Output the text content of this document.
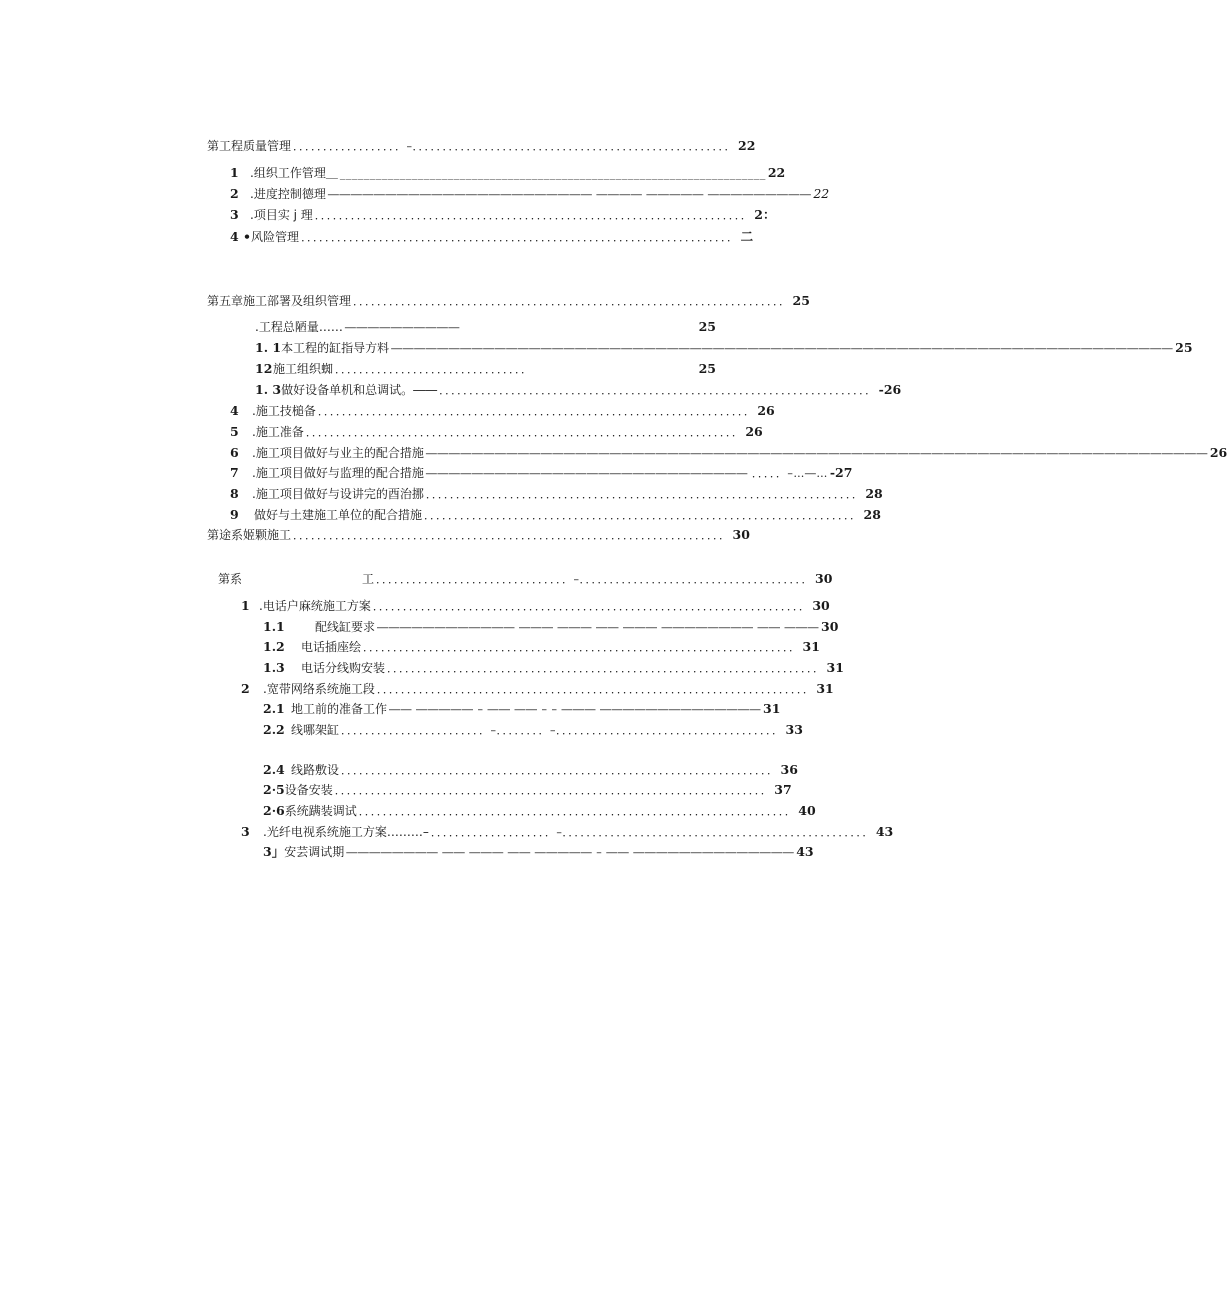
第工程质量管理 ．．．．．．．．．．．．．．．．．．–．．．．．．．．．．．．．．．．．．．．．．．．．．．．．．．．．．．．．．．．．．．．．．．．．．．．． 22
1 .组织工作管理＿ _______________________________________________________________________ 22
2 .进度控制德理 ――――――――――――――――――――――― ―――― ――――― ――――――――― 22
3 .项目实 j 理 ．．．．．．．．．．．．．．．．．．．．．．．．．．．．．．．．．．．．．．．．．．．．．．．．．．．．．．．．．．．．．．．．．．．．．．．． 2：
4 • 风险管理 ．．．．．．．．．．．．．．．．．．．．．．．．．．．．．．．．．．．．．．．．．．．．．．．．．．．．．．．．．．．．．．．．．．．．．．．． 二
第五章施工部署及组织管理 ．．．．．．．．．．．．．．．．．．．．．．．．．．．．．．．．．．．．．．．．．．．．．．．．．．．．．．．．．．．．．．．．．．．．．．．． 25
.工程总陋量…… ――――――――――	25
1. 1 本工程的缸指导方料 ―――――――――――――――――――――――――――――――――――――――――――――――――――――――――――――――――――― 25
12 施工组织蜘 ．．．．．．．．．．．．．．．．．．．．．．．．．．．．．．．．	25
1. 3 做好设备单机和总调试。―― ．．．．．．．．．．．．．．．．．．．．．．．．．．．．．．．．．．．．．．．．．．．．．．．．．．．．．．．．．．．．．．．．．．．．．．．． -26
4	.施工技槌备 ．．．．．．．．．．．．．．．．．．．．．．．．．．．．．．．．．．．．．．．．．．．．．．．．．．．．．．．．．．．．．．．．．．．．．．．． 26
5	.施工准备 ．．．．．．．．．．．．．．．．．．．．．．．．．．．．．．．．．．．．．．．．．．．．．．．．．．．．．．．．．．．．．．．．．．．．．．．． 26
6	.施工项目做好与业主的配合措施 ―――――――――――――――――――――――――――――――――――――――――――――――――――――――――――――――――――― 26
7	.施工项目做好与监理的配合措施 ―――――――――――――――――――――――――――― ．．．．．–…―… -27
8	.施工项目做好与设讲完的酉治挪 ．．．．．．．．．．．．．．．．．．．．．．．．．．．．．．．．．．．．．．．．．．．．．．．．．．．．．．．．．．．．．．．．．．．．．．．． 28
9	做好与土建施工单位的配合措施 ．．．．．．．．．．．．．．．．．．．．．．．．．．．．．．．．．．．．．．．．．．．．．．．．．．．．．．．．．．．．．．．．．．．．．．．． 28
第途系姬颗施工 ．．．．．．．．．．．．．．．．．．．．．．．．．．．．．．．．．．．．．．．．．．．．．．．．．．．．．．．．．．．．．．．．．．．．．．．． 30
第系　　　　　　　　　　工 ．．．．．．．．．．．．．．．．．．．．．．．．．．．．．．．．–．．．．．．．．．．．．．．．．．．．．．．．．．．．．．．．．．．．．．． 30
1 .电话户麻统施工方案 ．．．．．．．．．．．．．．．．．．．．．．．．．．．．．．．．．．．．．．．．．．．．．．．．．．．．．．．．．．．．．．．．．．．．．．．． 30
1.1	配线缸要求 ―――――――――――― ――― ――― ―― ――― ―――――――― ―― ――― 30
1.2	电话插座绘 ．．．．．．．．．．．．．．．．．．．．．．．．．．．．．．．．．．．．．．．．．．．．．．．．．．．．．．．．．．．．．．．．．．．．．．．． 31
1.3	电话分线购安装 ．．．．．．．．．．．．．．．．．．．．．．．．．．．．．．．．．．．．．．．．．．．．．．．．．．．．．．．．．．．．．．．．．．．．．．．． 31
2	.宽带网络系统施工段 ．．．．．．．．．．．．．．．．．．．．．．．．．．．．．．．．．．．．．．．．．．．．．．．．．．．．．．．．．．．．．．．．．．．．．．．． 31
2.1 地工前的准备工作 ―― ――――― – ―― ―― – – ――― ―――――――――――――― 31
2.2 线哪架缸 ．．．．．．．．．．．．．．．．．．．．．．．．–．．．．．．．．–．．．．．．．．．．．．．．．．．．．．．．．．．．．．．．．．．．．．． 33
2.4 线路敷设 ．．．．．．．．．．．．．．．．．．．．．．．．．．．．．．．．．．．．．．．．．．．．．．．．．．．．．．．．．．．．．．．．．．．．．．．． 36
2·5 设备安装 ．．．．．．．．．．．．．．．．．．．．．．．．．．．．．．．．．．．．．．．．．．．．．．．．．．．．．．．．．．．．．．．．．．．．．．．． 37
2·6 系统蹒装调试 ．．．．．．．．．．．．．．．．．．．．．．．．．．．．．．．．．．．．．．．．．．．．．．．．．．．．．．．．．．．．．．．．．．．．．．．． 40
3	.光纤电视系统施工方案………– ．．．．．．．．．．．．．．．．．．．．–．．．．．．．．．．．．．．．．．．．．．．．．．．．．．．．．．．．．．．．．．．．．．．．．．．． 43
3」 安芸调试期 ―――――――― ―― ――― ―― ――――― – ―― ―――――――――――――― 43
